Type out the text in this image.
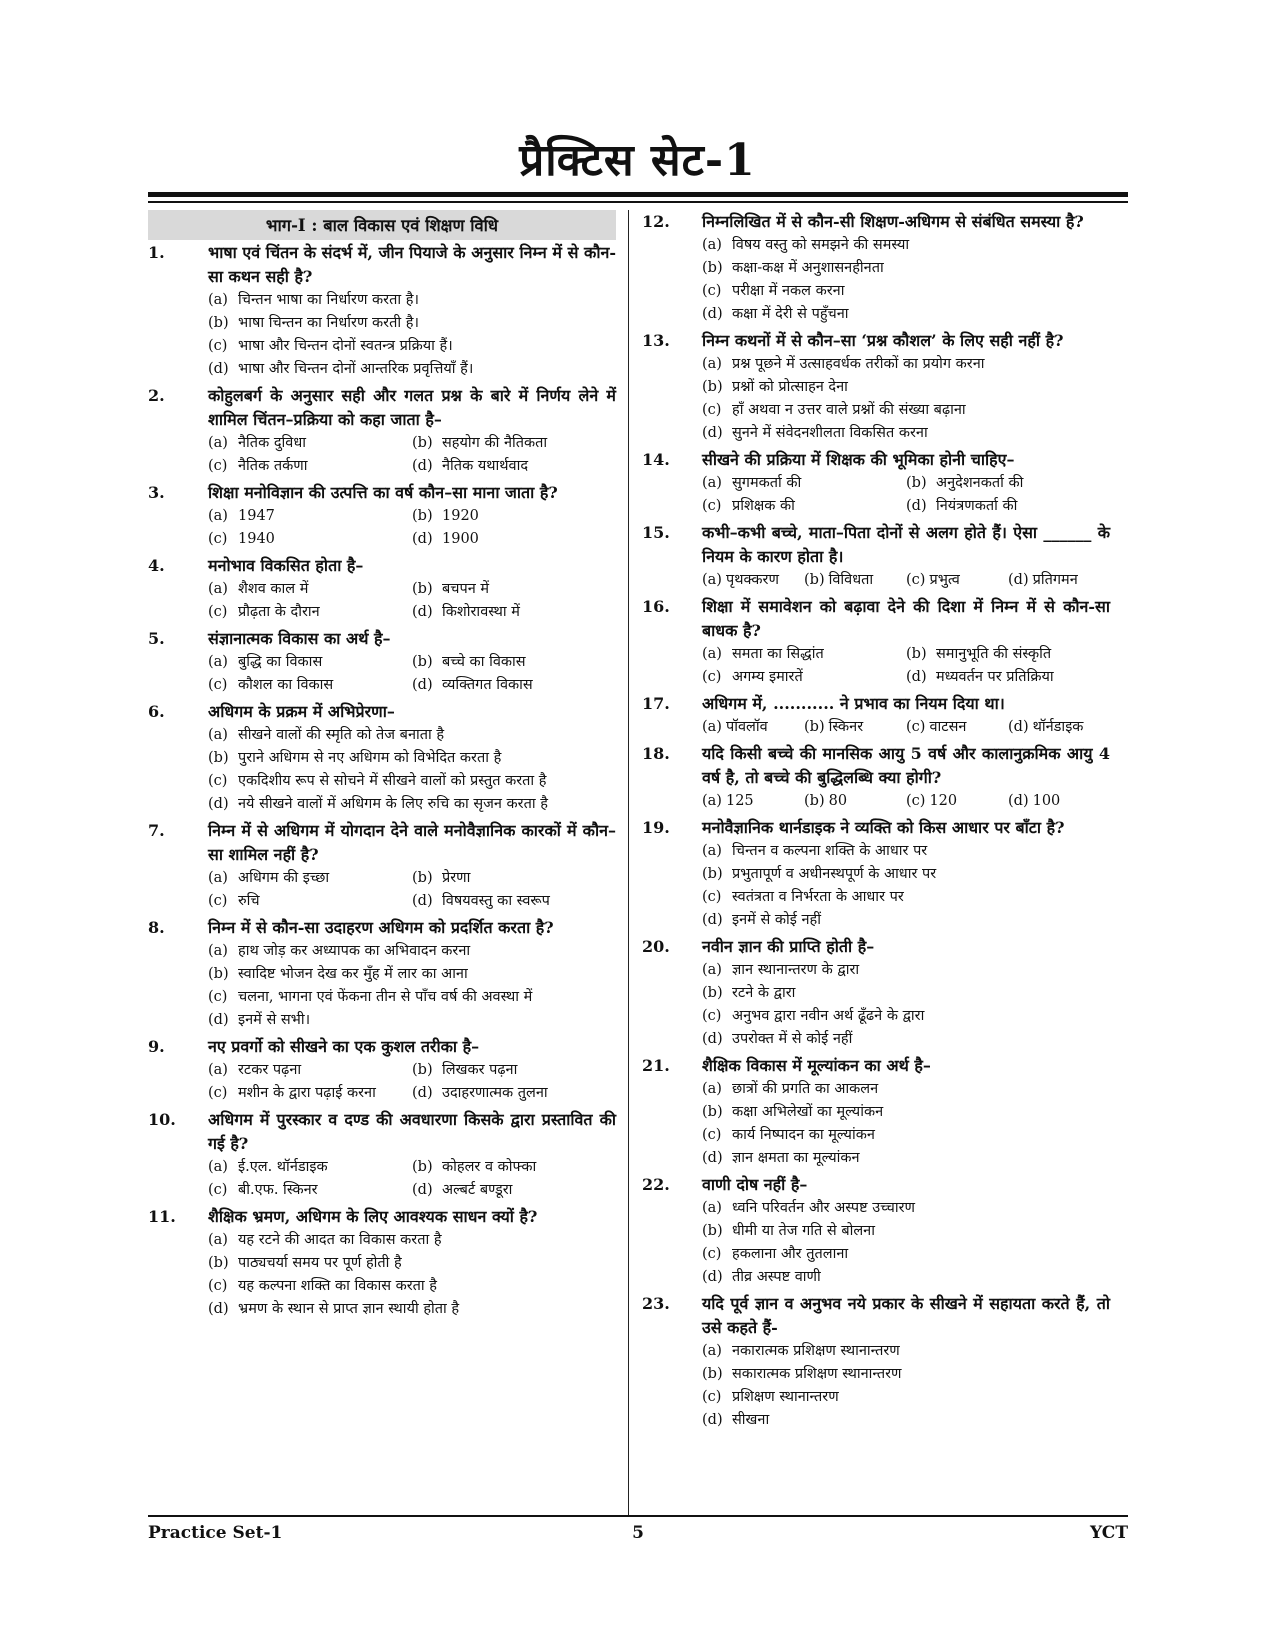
प्रैक्टिस सेट-1
भाग-I : बाल विकास एवं शिक्षण विधि
1.	भाषा एवं चिंतन के संदर्भ में, जीन पियाजे के अनुसार निम्न में से कौन-सा कथन सही है?
(a) चिन्तन भाषा का निर्धारण करता है।
(b) भाषा चिन्तन का निर्धारण करती है।
(c) भाषा और चिन्तन दोनों स्वतन्त्र प्रक्रिया हैं।
(d) भाषा और चिन्तन दोनों आन्तरिक प्रवृत्तियाँ हैं।
2.	कोहुलबर्ग के अनुसार सही और गलत प्रश्न के बारे में निर्णय लेने में शामिल चिंतन–प्रक्रिया को कहा जाता है–
(a) नैतिक दुविधा	(b) सहयोग की नैतिकता
(c) नैतिक तर्कणा	(d) नैतिक यथार्थवाद
3.	शिक्षा मनोविज्ञान की उत्पत्ति का वर्ष कौन–सा माना जाता है?
(a) 1947	(b) 1920
(c) 1940	(d) 1900
4.	मनोभाव विकसित होता है–
(a) शैशव काल में	(b) बचपन में
(c) प्रौढ़ता के दौरान	(d) किशोरावस्था में
5.	संज्ञानात्मक विकास का अर्थ है–
(a) बुद्धि का विकास	(b) बच्चे का विकास
(c) कौशल का विकास	(d) व्यक्तिगत विकास
6.	अधिगम के प्रक्रम में अभिप्रेरणा–
(a) सीखने वालों की स्मृति को तेज बनाता है
(b) पुराने अधिगम से नए अधिगम को विभेदित करता है
(c) एकदिशीय रूप से सोचने में सीखने वालों को प्रस्तुत करता है
(d) नये सीखने वालों में अधिगम के लिए रुचि का सृजन करता है
7.	निम्न में से अधिगम में योगदान देने वाले मनोवैज्ञानिक कारकों में कौन–सा शामिल नहीं है?
(a) अधिगम की इच्छा	(b) प्रेरणा
(c) रुचि	(d) विषयवस्तु का स्वरूप
8.	निम्न में से कौन-सा उदाहरण अधिगम को प्रदर्शित करता है?
(a) हाथ जोड़ कर अध्यापक का अभिवादन करना
(b) स्वादिष्ट भोजन देख कर मुँह में लार का आना
(c) चलना, भागना एवं फेंकना तीन से पाँच वर्ष की अवस्था में
(d) इनमें से सभी।
9.	नए प्रवर्गो को सीखने का एक कुशल तरीका है–
(a) रटकर पढ़ना	(b) लिखकर पढ़ना
(c) मशीन के द्वारा पढ़ाई करना	(d) उदाहरणात्मक तुलना
10.	अधिगम में पुरस्कार व दण्ड की अवधारणा किसके द्वारा प्रस्तावित की गई है?
(a) ई.एल. थॉर्नडाइक	(b) कोहलर व कोफ्का
(c) बी.एफ. स्किनर	(d) अल्बर्ट बण्डूरा
11.	शैक्षिक भ्रमण, अधिगम के लिए आवश्यक साधन क्यों है?
(a) यह रटने की आदत का विकास करता है
(b) पाठ्यचर्या समय पर पूर्ण होती है
(c) यह कल्पना शक्ति का विकास करता है
(d) भ्रमण के स्थान से प्राप्त ज्ञान स्थायी होता है
12.	निम्नलिखित में से कौन-सी शिक्षण-अधिगम से संबंधित समस्या है?
(a) विषय वस्तु को समझने की समस्या
(b) कक्षा-कक्ष में अनुशासनहीनता
(c) परीक्षा में नकल करना
(d) कक्षा में देरी से पहुँचना
13.	निम्न कथनों में से कौन–सा ‘प्रश्न कौशल’ के लिए सही नहीं है?
(a) प्रश्न पूछने में उत्साहवर्धक तरीकों का प्रयोग करना
(b) प्रश्नों को प्रोत्साहन देना
(c) हाँ अथवा न उत्तर वाले प्रश्नों की संख्या बढ़ाना
(d) सुनने में संवेदनशीलता विकसित करना
14.	सीखने की प्रक्रिया में शिक्षक की भूमिका होनी चाहिए–
(a) सुगमकर्ता की	(b) अनुदेशनकर्ता की
(c) प्रशिक्षक की	(d) नियंत्रणकर्ता की
15.	कभी–कभी बच्चे, माता–पिता दोनों से अलग होते हैं। ऐसा ______ के नियम के कारण होता है।
(a) पृथक्करण	(b) विविधता	(c) प्रभुत्व	(d) प्रतिगमन
16.	शिक्षा में समावेशन को बढ़ावा देने की दिशा में निम्न में से कौन-सा बाधक है?
(a) समता का सिद्धांत	(b) समानुभूति की संस्कृति
(c) अगम्य इमारतें	(d) मध्यवर्तन पर प्रतिक्रिया
17.	अधिगम में, ........... ने प्रभाव का नियम दिया था।
(a) पॉवलॉव	(b) स्किनर	(c) वाटसन	(d) थॉर्नडाइक
18.	यदि किसी बच्चे की मानसिक आयु 5 वर्ष और कालानुक्रमिक आयु 4 वर्ष है, तो बच्चे की बुद्धिलब्धि क्या होगी?
(a) 125	(b) 80	(c) 120	(d) 100
19.	मनोवैज्ञानिक थार्नडाइक ने व्यक्ति को किस आधार पर बाँटा है?
(a) चिन्तन व कल्पना शक्ति के आधार पर
(b) प्रभुतापूर्ण व अधीनस्थपूर्ण के आधार पर
(c) स्वतंत्रता व निर्भरता के आधार पर
(d) इनमें से कोई नहीं
20.	नवीन ज्ञान की प्राप्ति होती है–
(a) ज्ञान स्थानान्तरण के द्वारा
(b) रटने के द्वारा
(c) अनुभव द्वारा नवीन अर्थ ढूँढने के द्वारा
(d) उपरोक्त में से कोई नहीं
21.	शैक्षिक विकास में मूल्यांकन का अर्थ है–
(a) छात्रों की प्रगति का आकलन
(b) कक्षा अभिलेखों का मूल्यांकन
(c) कार्य निष्पादन का मूल्यांकन
(d) ज्ञान क्षमता का मूल्यांकन
22.	वाणी दोष नहीं है–
(a) ध्वनि परिवर्तन और अस्पष्ट उच्चारण
(b) धीमी या तेज गति से बोलना
(c) हकलाना और तुतलाना
(d) तीव्र अस्पष्ट वाणी
23.	यदि पूर्व ज्ञान व अनुभव नये प्रकार के सीखने में सहायता करते हैं, तो उसे कहते हैं-
(a) नकारात्मक प्रशिक्षण स्थानान्तरण
(b) सकारात्मक प्रशिक्षण स्थानान्तरण
(c) प्रशिक्षण स्थानान्तरण
(d) सीखना
5
Practice Set-1	YCT
